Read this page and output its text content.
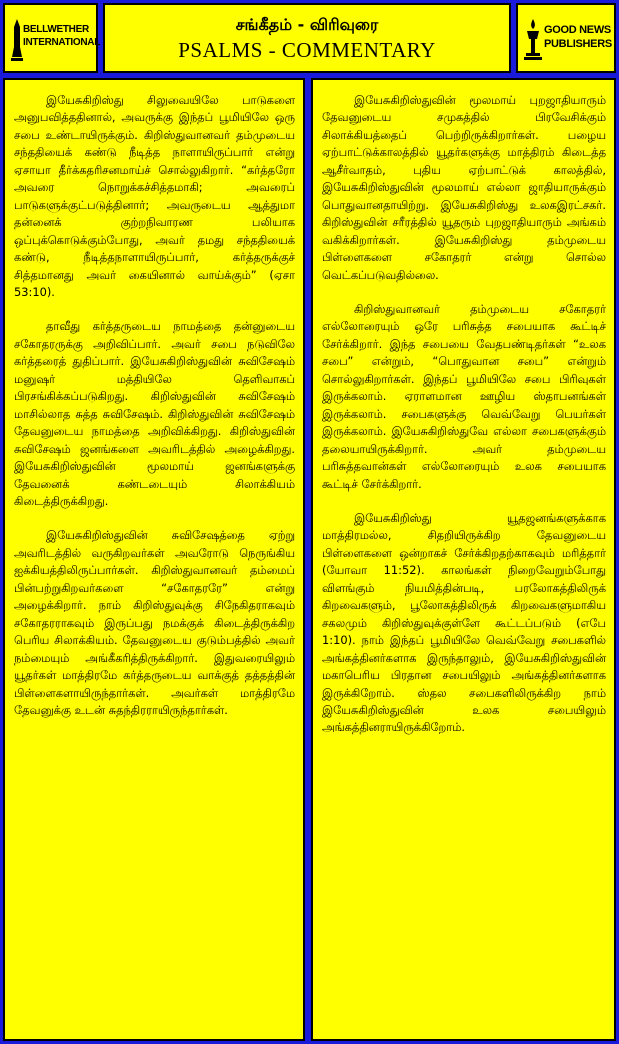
BELLWETHER
INTERNATIONAL
சங்கீதம் - விரிவுரை
PSALMS - COMMENTARY
GOOD NEWS
PUBLISHERS

இயேசுகிறிஸ்து சிலுவையிலே பாடுகளை அனுபவித்ததினால், அவருக்கு இந்தப் பூமியிலே ஒரு சபை உண்டாயிருக்கும். கிறிஸ்துவானவர் தம்முடைய சந்ததியைக் கண்டு நீடித்த நாளாயிருப்பார் என்று ஏசாயா தீர்க்கதரிசனமாய்ச் சொல்லுகிறார். “கர்த்தரோ அவரை நொறுக்கச்சித்தமாகி; அவரைப் பாடுகளுக்குட்படுத்தினார்; அவருடைய ஆத்துமா தன்னைக் குற்றநிவாரண பலியாக ஒப்புக்கொடுக்கும்போது, அவர் தமது சந்ததியைக் கண்டு, நீடித்தநாளாயிருப்பார், கர்த்தருக்குச் சித்தமானது அவர் கையினால் வாய்க்கும்” (ஏசா 53:10).

தாவீது கர்த்தருடைய நாமத்தை தன்னுடைய சகோதரருக்கு அறிவிப்பார். அவர் சபை நடுவிலே கர்த்தரைத் துதிப்பார். இயேசுகிறிஸ்துவின் சுவிசேஷம் மனுஷர் மத்தியிலே தெளிவாகப் பிரசங்கிக்கப்படுகிறது. கிறிஸ்துவின் சுவிசேஷம் மாசில்லாத சுத்த சுவிசேஷம். கிறிஸ்துவின் சுவிசேஷம் தேவனுடைய நாமத்தை அறிவிக்கிறது. கிறிஸ்துவின் சுவிசேஷம் ஜனங்களை அவரிடத்தில் அழைக்கிறது. இயேசுகிறிஸ்துவின் மூலமாய் ஜனங்களுக்கு தேவனைக் கண்டடையும் சிலாக்கியம் கிடைத்திருக்கிறது.

இயேசுகிறிஸ்துவின் சுவிசேஷத்தை ஏற்று அவரிடத்தில் வருகிறவர்கள் அவரோடு நெருங்கிய ஐக்கியத்திலிருப்பார்கள். கிறிஸ்துவானவர் தம்மைப் பின்பற்றுகிறவர்களை “சகோதரரே” என்று அழைக்கிறார். நாம் கிறிஸ்துவுக்கு சிநேகிதராகவும் சகோதரராகவும் இருப்பது நமக்குக் கிடைத்திருக்கிற பெரிய சிலாக்கியம். தேவனுடைய குடும்பத்தில் அவர் நம்மையும் அங்கீகரித்திருக்கிறார். இதுவரையிலும் யூதர்கள் மாத்திரமே கர்த்தருடைய வாக்குத் தத்தத்தின் பிள்ளைகளாயிருந்தார்கள். அவர்கள் மாத்திரமே தேவனுக்கு உடன் சுதந்திரராயிருந்தார்கள்.

இயேசுகிறிஸ்துவின் மூலமாய் புறஜாதியாரும் தேவனுடைய சமுகத்தில் பிரவேசிக்கும் சிலாக்கியத்தைப் பெற்றிருக்கிறார்கள். பழைய ஏற்பாட்டுக்காலத்தில் யூதர்களுக்கு மாத்திரம் கிடைத்த ஆசீர்வாதம், புதிய ஏற்பாட்டுக் காலத்தில், இயேசுகிறிஸ்துவின் மூலமாய் எல்லா ஜாதியாருக்கும் பொதுவானதாயிற்று. இயேசுகிறிஸ்து உலகஇரட்சகர். கிறிஸ்துவின் சரீரத்தில் யூதரும் புறஜாதியாரும் அங்கம் வகிக்கிறார்கள். இயேசுகிறிஸ்து தம்முடைய பிள்ளைகளை சகோதரர் என்று சொல்ல வெட்கப்படுவதில்லை.

கிறிஸ்துவானவர் தம்முடைய சகோதரர் எல்லோரையும் ஒரே பரிசுத்த சபையாக கூட்டிச் சேர்க்கிறார். இந்த சபையை வேதபண்டிதர்கள் “உலக சபை” என்றும், “பொதுவான சபை” என்றும் சொல்லுகிறார்கள். இந்தப் பூமியிலே சபை பிரிவுகள் இருக்கலாம். ஏராளமான ஊழிய ஸ்தாபனங்கள் இருக்கலாம். சபைகளுக்கு வெவ்வேறு பெயர்கள் இருக்கலாம். இயேசுகிறிஸ்துவே எல்லா சபைகளுக்கும் தலையாயிருக்கிறார். அவர் தம்முடைய பரிசுத்தவான்கள் எல்லோரையும் உலக சபையாக கூட்டிச் சேர்க்கிறார்.

இயேசுகிறிஸ்து யூதஜனங்களுக்காக மாத்திரமல்ல, சிதறியிருக்கிற தேவனுடைய பிள்ளைகளை ஒன்றாகச் சேர்க்கிறதற்காகவும் மரித்தார் (யோவா 11:52). காலங்கள் நிறைவேறும்போது விளங்கும் நியமித்தின்படி, பரலோகத்திலிருக் கிறவைகளும், பூலோகத்திலிருக் கிறவைகளுமாகிய சகலமும் கிறிஸ்துவுக்குள்ளே கூட்டப்படும் (எபே 1:10). நாம் இந்தப் பூமியிலே வெவ்வேறு சபைகளில் அங்கத்தினர்களாக இருந்தாலும், இயேசுகிறிஸ்துவின் மகாபெரிய பிரதான சபையிலும் அங்கத்தினர்களாக இருக்கிறோம். ஸ்தல சபைகளிலிருக்கிற நாம் இயேசுகிறிஸ்துவின் உலக சபையிலும் அங்கத்தினராயிருக்கிறோம்.
